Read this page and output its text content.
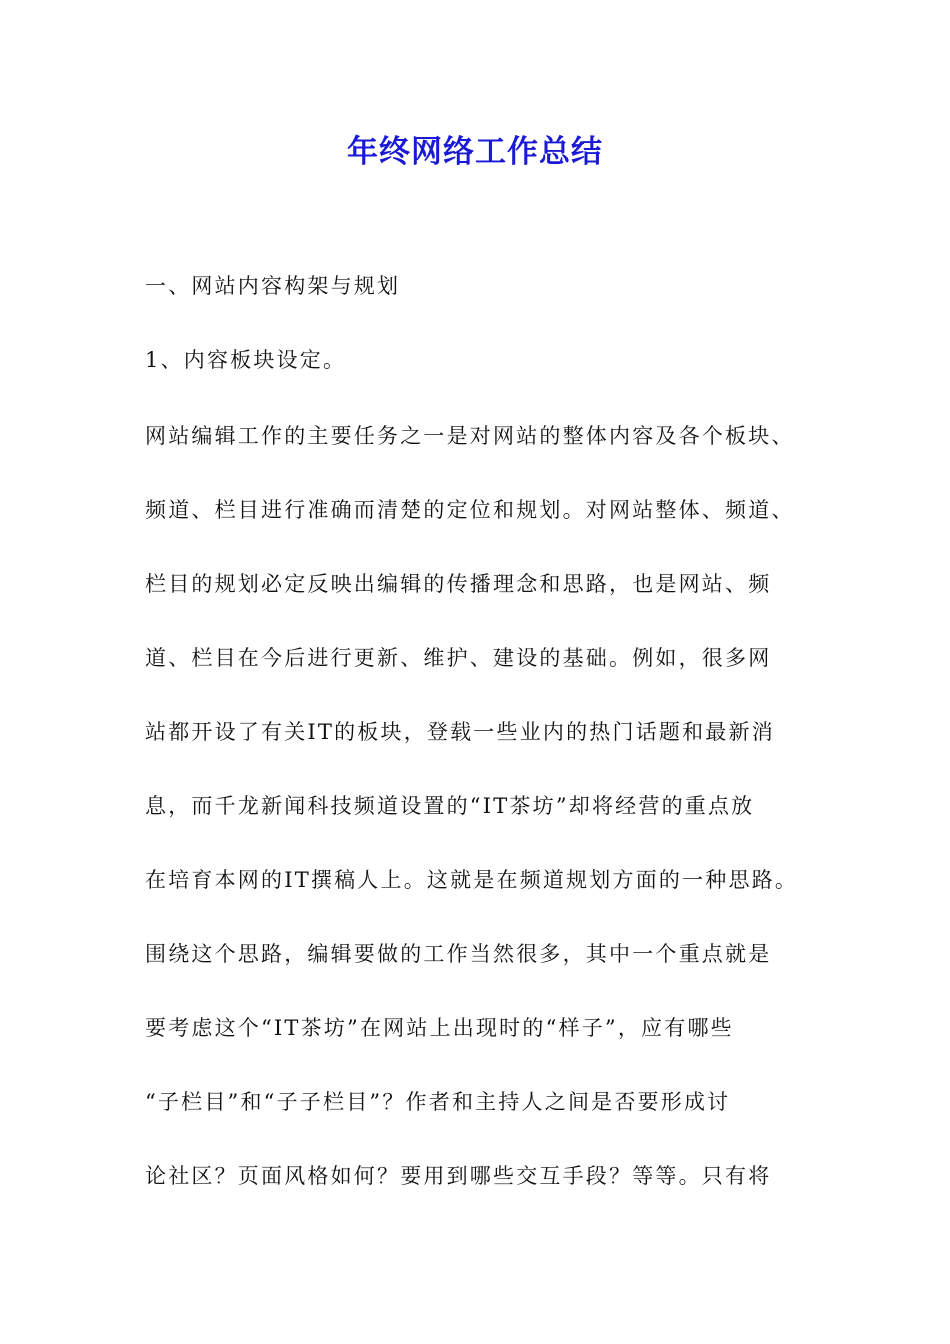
年终网络工作总结
一、网站内容构架与规划
1、内容板块设定。
网站编辑工作的主要任务之一是对网站的整体内容及各个板块、
频道、栏目进行准确而清楚的定位和规划。对网站整体、频道、
栏目的规划必定反映出编辑的传播理念和思路，也是网站、频
道、栏目在今后进行更新、维护、建设的基础。例如，很多网
站都开设了有关IT的板块，登载一些业内的热门话题和最新消
息，而千龙新闻科技频道设置的“IT茶坊”却将经营的重点放
在培育本网的IT撰稿人上。这就是在频道规划方面的一种思路。
围绕这个思路，编辑要做的工作当然很多，其中一个重点就是
要考虑这个“IT茶坊”在网站上出现时的“样子”，应有哪些
“子栏目”和“子子栏目”？作者和主持人之间是否要形成讨
论社区？页面风格如何？要用到哪些交互手段？等等。只有将
